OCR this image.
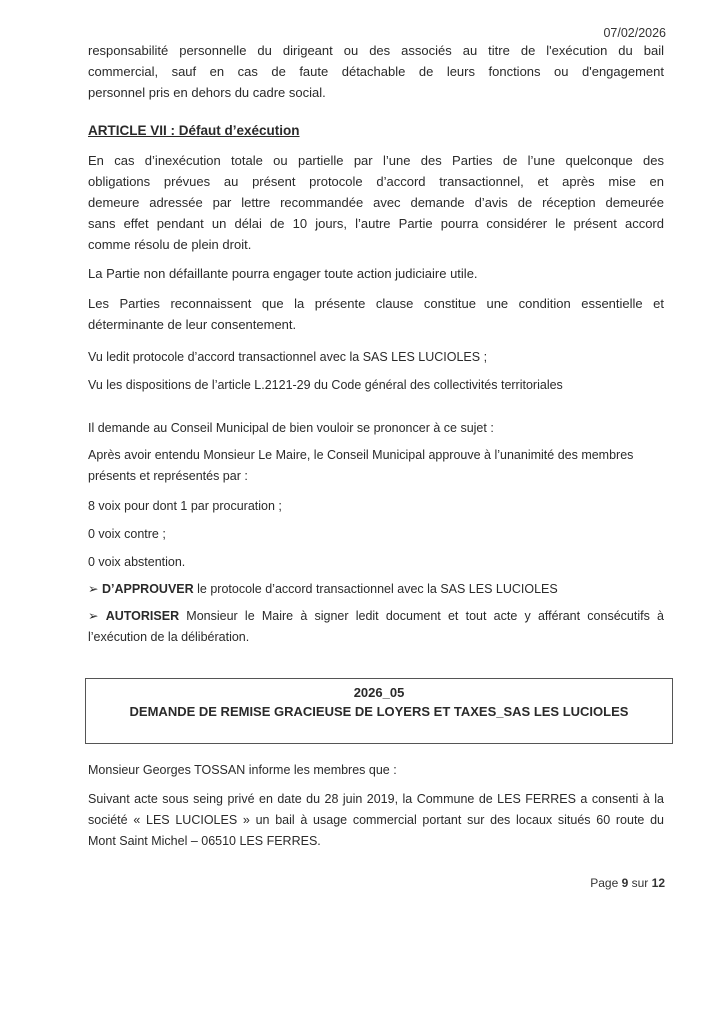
07/02/2026
responsabilité personnelle du dirigeant ou des associés au titre de l'exécution du bail
commercial, sauf en cas de faute détachable de leurs fonctions ou d'engagement
personnel pris en dehors du cadre social.
ARTICLE VII : Défaut d’exécution
En cas d’inexécution totale ou partielle par l’une des Parties de l’une quelconque des
obligations prévues au présent protocole d’accord transactionnel, et après mise en
demeure adressée par lettre recommandée avec demande d’avis de réception demeurée
sans effet pendant un délai de 10 jours, l’autre Partie pourra considérer le présent accord
comme résolu de plein droit.
La Partie non défaillante pourra engager toute action judiciaire utile.
Les Parties reconnaissent que la présente clause constitue une condition essentielle et
déterminante de leur consentement.
Vu ledit protocole d’accord transactionnel avec la SAS LES LUCIOLES ;
Vu les dispositions de l’article L.2121-29 du Code général des collectivités territoriales
Il demande au Conseil Municipal de bien vouloir se prononcer à ce sujet :
Après avoir entendu Monsieur Le Maire, le Conseil Municipal approuve à l’unanimité des membres
présents et représentés par :
8 voix pour dont 1 par procuration ;
0 voix contre ;
0 voix abstention.
➢ D’APPROUVER le protocole d’accord transactionnel avec la SAS LES LUCIOLES
➢ AUTORISER Monsieur le Maire à signer ledit document et tout acte y afférant consécutifs à
l’exécution de la délibération.
2026_05
DEMANDE DE REMISE GRACIEUSE DE LOYERS ET TAXES_SAS LES LUCIOLES
Monsieur Georges TOSSAN informe les membres que :
Suivant acte sous seing privé en date du 28 juin 2019, la Commune de LES FERRES a consenti à la
société « LES LUCIOLES » un bail à usage commercial portant sur des locaux situés 60 route du
Mont Saint Michel – 06510 LES FERRES.
Page 9 sur 12
